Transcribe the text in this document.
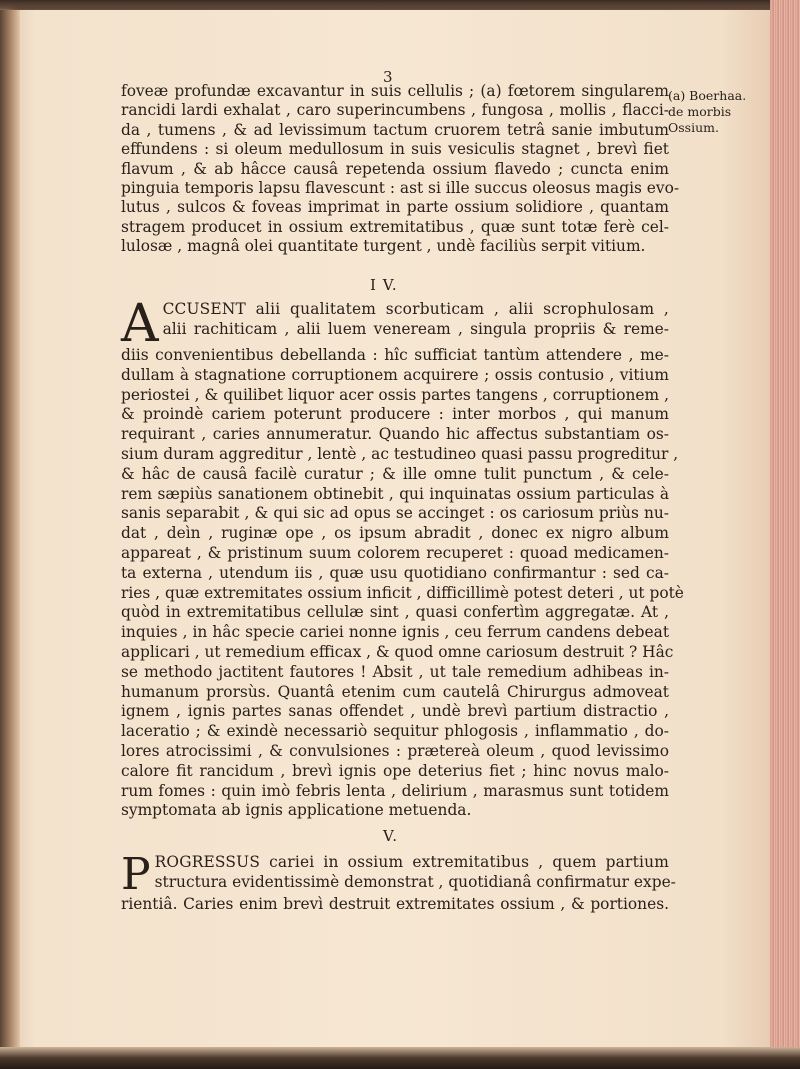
3
(a) Boerhaa.
de morbis
Ossium.
foveæ profundæ excavantur in suis cellulis ; (a) fœtorem singularem
rancidi lardi exhalat , caro superincumbens , fungosa , mollis , flacci-
da , tumens , & ad levissimum tactum cruorem tetrâ sanie imbutum
effundens : si oleum medullosum in suis vesiculis stagnet , brevì fiet
flavum , & ab hâcce causâ repetenda ossium flavedo ; cuncta enim
pinguia temporis lapsu flavescunt : ast si ille succus oleosus magis evo-
lutus , sulcos & foveas imprimat in parte ossium solidiore , quantam
stragem producet in ossium extremitatibus , quæ sunt totæ ferè cel-
lulosæ , magnâ olei quantitate turgent , undè faciliùs serpit vitium.
I V.
A CCUSENT alii qualitatem scorbuticam , alii scrophulosam ,
alii rachiticam , alii luem veneream , singula propriis & reme-
diis convenientibus debellanda : hîc sufficiat tantùm attendere , me-
dullam à stagnatione corruptionem acquirere ; ossis contusio , vitium
periostei , & quilibet liquor acer ossis partes tangens , corruptionem ,
& proindè cariem poterunt producere : inter morbos , qui manum
requirant , caries annumeratur. Quando hic affectus substantiam os-
sium duram aggreditur , lentè , ac testudineo quasi passu progreditur ,
& hâc de causâ facilè curatur ; & ille omne tulit punctum , & cele-
rem sæpiùs sanationem obtinebit , qui inquinatas ossium particulas à
sanis separabit , & qui sic ad opus se accinget : os cariosum priùs nu-
dat , deìn , ruginæ ope , os ipsum abradit , donec ex nigro album
appareat , & pristinum suum colorem recuperet : quoad medicamen-
ta externa , utendum iis , quæ usu quotidiano confirmantur : sed ca-
ries , quæ extremitates ossium inficit , difficillimè potest deteri , ut potè
quòd in extremitatibus cellulæ sint , quasi confertìm aggregatæ. At ,
inquies , in hâc specie cariei nonne ignis , ceu ferrum candens debeat
applicari , ut remedium efficax , & quod omne cariosum destruit ? Hâc
se methodo jactitent fautores ! Absit , ut tale remedium adhibeas in-
humanum prorsùs. Quantâ etenim cum cautelâ Chirurgus admoveat
ignem , ignis partes sanas offendet , undè brevì partium distractio ,
laceratio ; & exindè necessariò sequitur phlogosis , inflammatio , do-
lores atrocissimi , & convulsiones : prætereà oleum , quod levissimo
calore fit rancidum , brevì ignis ope deterius fiet ; hinc novus malo-
rum fomes : quin imò febris lenta , delirium , marasmus sunt totidem
symptomata ab ignis applicatione metuenda.
V.
P ROGRESSUS cariei in ossium extremitatibus , quem partium
structura evidentissimè demonstrat , quotidianâ confirmatur expe-
rientiâ. Caries enim brevì destruit extremitates ossium , & portiones.
